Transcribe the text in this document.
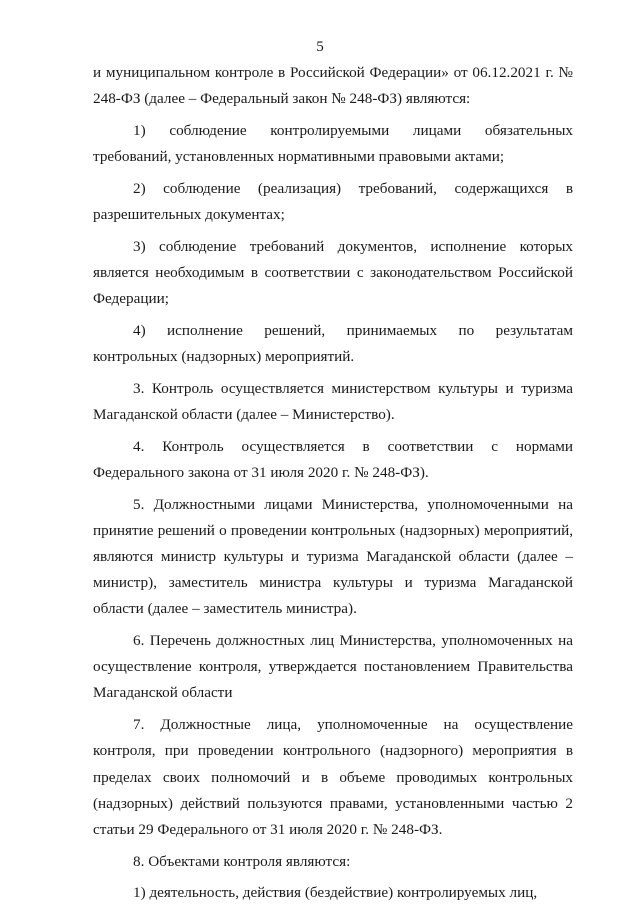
5

и муниципальном контроле в Российской Федерации» от 06.12.2021 г. № 248-ФЗ (далее – Федеральный закон № 248-ФЗ) являются:

1) соблюдение контролируемыми лицами обязательных требований, установленных нормативными правовыми актами;

2) соблюдение (реализация) требований, содержащихся в разрешительных документах;

3) соблюдение требований документов, исполнение которых является необходимым в соответствии с законодательством Российской Федерации;

4) исполнение решений, принимаемых по результатам контрольных (надзорных) мероприятий.

3. Контроль осуществляется министерством культуры и туризма Магаданской области (далее – Министерство).

4. Контроль осуществляется в соответствии с нормами Федерального закона от 31 июля 2020 г. № 248-ФЗ).

5. Должностными лицами Министерства, уполномоченными на принятие решений о проведении контрольных (надзорных) мероприятий, являются министр культуры и туризма Магаданской области (далее – министр), заместитель министра культуры и туризма Магаданской области (далее – заместитель министра).

6. Перечень должностных лиц Министерства, уполномоченных на осуществление контроля, утверждается постановлением Правительства Магаданской области

7. Должностные лица, уполномоченные на осуществление контроля, при проведении контрольного (надзорного) мероприятия в пределах своих полномочий и в объеме проводимых контрольных (надзорных) действий пользуются правами, установленными частью 2 статьи 29 Федерального от 31 июля 2020 г. № 248-ФЗ.

8. Объектами контроля являются:

1) деятельность, действия (бездействие) контролируемых лиц,
